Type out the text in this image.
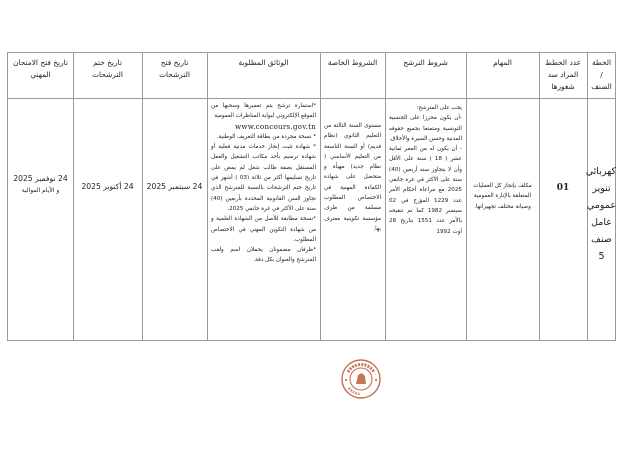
الخطة / الصنف
عدد الخطط المراد سد شغورها
المهام
شروط الترشح
الشروط الخاصة
الوثائق المطلوبة
تاريخ فتح الترشحات
تاريخ ختم الترشحات
تاريخ فتح الامتحان المهني
كهربائي
تنوير
عمومي
عامل
صنف 5
01
مكلف بإنجاز كل العمليات المتعلقة بالإنارة العمومية وصيانة مختلف تجهيزاتها.
يجب على المترشح:
-أن يكون محرزا على الجنسية التونسية ومتمتعا بجميع حقوقه المدنية وحسن السيرة والأخلاق.
- أن يكون له من العمر ثمانية عشر ( 18 ) سنة على الأقل وأن لا يتجاوز سنه أربعين (40) سنة على الأكثر في غرة جانفي 2025 مع مراعاة أحكام الأمر عدد 1229 المؤرخ في 02 سبتمبر 1982 كما تم تنقيحه بالأمر عدد 1551 بتاريخ 28 أوت 1992
مستوى السنة الثالثة من التعليم الثانوي (نظام قديم) أو السنة التاسعة من التعليم الأساسي ( نظام جديد) مهيأة و متحصل على شهادة الكفاءة المهنية في الاختصاص المطلوب مسلمة من طرف مؤسسة تكوينية معترف بها.
*استمارة ترشح يتم تعميرها وسحبها من الموقع الإلكتروني لبوابة المناظرات العمومية
www.concours.gov.tn
* نسخة مجردة من بطاقة التعريف الوطنية.
* شهادة تثبت إنجاز خدمات مدنية فعلية أو شهادة ترسيم بأحد مكاتب التشغيل والعمل المستقل بصفة طالب شغل لم يمض على تاريخ تسليمها أكثر من ثلاثة (03 ) أشهر في تاريخ ختم الترشحات بالنسبة للمترشح الذي تجاوز السن القانونية المحددة بأربعين (40) سنة على الأكثر في غرة جانفي 2025.
*نسخة مطابقة للأصل من الشهادة العلمية و من شهادة التكوين المهني في الاختصاص المطلوب.
*ظرفان مضمونان يحملان اسم ولقب المترشح والعنوان بكل دقة.
24 سبتمبر 2025
24 أكتوبر 2025
24 نوفمبر 2025
و الأيام الموالية
